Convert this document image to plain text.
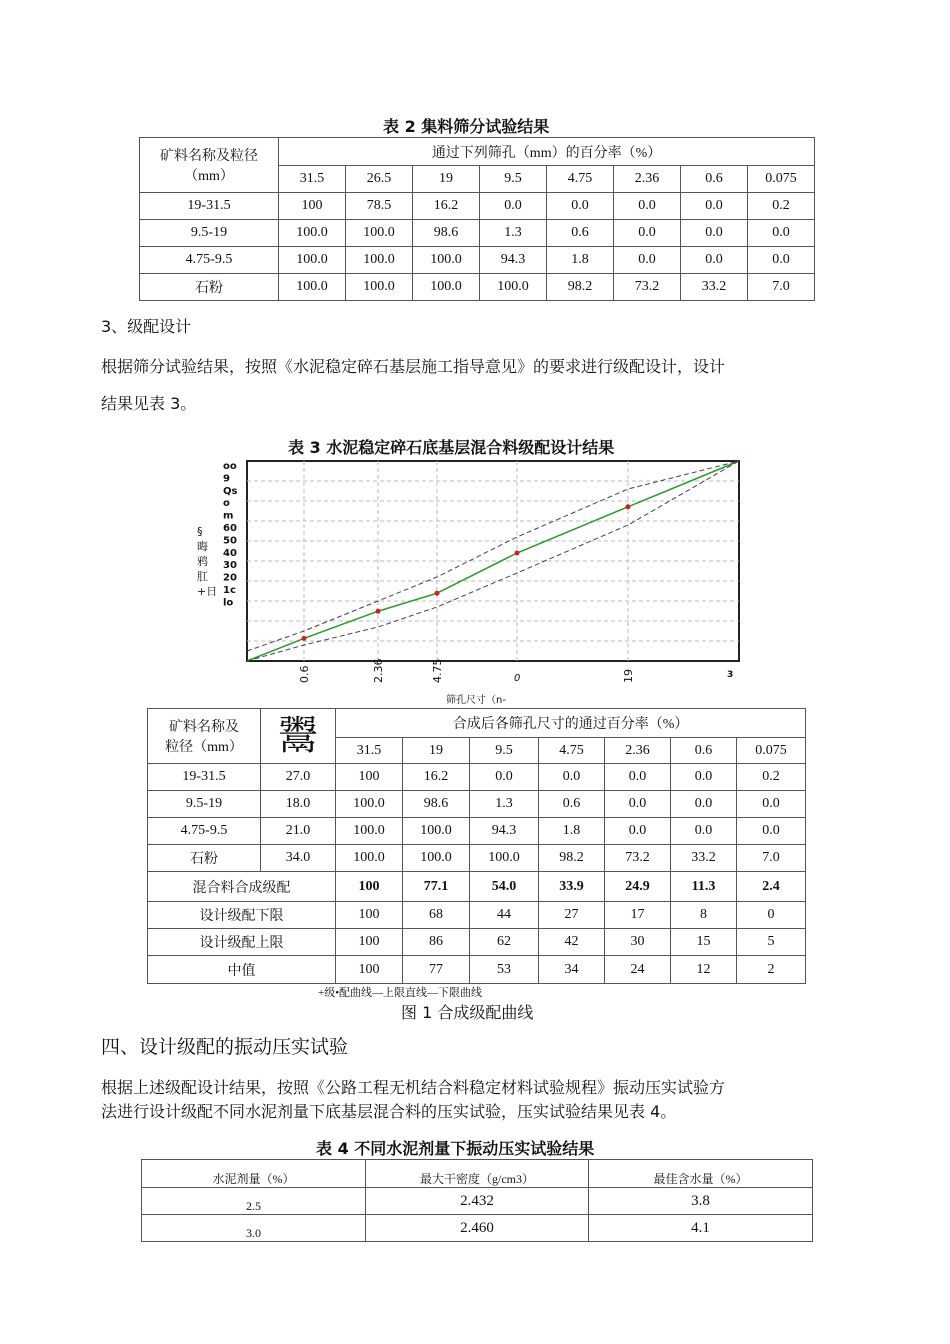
表 2 集料筛分试验结果
矿料名称及粒径
（mm）	通过下列筛孔（mm）的百分率（%）							
	31.5	26.5	19	9.5	4.75	2.36	0.6	0.075
19-31.5	100	78.5	16.2	0.0	0.0	0.0	0.0	0.2
9.5-19	100.0	100.0	98.6	1.3	0.6	0.0	0.0	0.0
4.75-9.5	100.0	100.0	100.0	94.3	1.8	0.0	0.0	0.0
石粉	100.0	100.0	100.0	100.0	98.2	73.2	33.2	7.0
3、级配设计
根据筛分试验结果，按照《水泥稳定碎石基层施工指导意见》的要求进行级配设计，设计
结果见表 3。
表 3 水泥稳定碎石底基层混合料级配设计结果
oo
9
Qs
o
m
60
50
40
30
20
1c
lo
§
晦
鸦
肛
+日
0.6	2.36	4.75	0	19	3
筛孔尺寸（n-
矿料名称及
粒径（mm）	鬻	合成后各筛孔尺寸的通过百分率（%）						
		31.5	19	9.5	4.75	2.36	0.6	0.075
19-31.5	27.0	100	16.2	0.0	0.0	0.0	0.0	0.2
9.5-19	18.0	100.0	98.6	1.3	0.6	0.0	0.0	0.0
4.75-9.5	21.0	100.0	100.0	94.3	1.8	0.0	0.0	0.0
石粉	34.0	100.0	100.0	100.0	98.2	73.2	33.2	7.0
混合料合成级配		100	77.1	54.0	33.9	24.9	11.3	2.4
设计级配下限		100	68	44	27	17	8	0
设计级配上限		100	86	62	42	30	15	5
中值		100	77	53	34	24	12	2
+级•配曲线—上限直线—下限曲线
图 1 合成级配曲线
四、设计级配的振动压实试验
根据上述级配设计结果，按照《公路工程无机结合料稳定材料试验规程》振动压实试验方
法进行设计级配不同水泥剂量下底基层混合料的压实试验，压实试验结果见表 4。
表 4 不同水泥剂量下振动压实试验结果
水泥剂量（%）	最大干密度（g/cm3）	最佳含水量（%）
2.5	2.432	3.8
3.0	2.460	4.1
